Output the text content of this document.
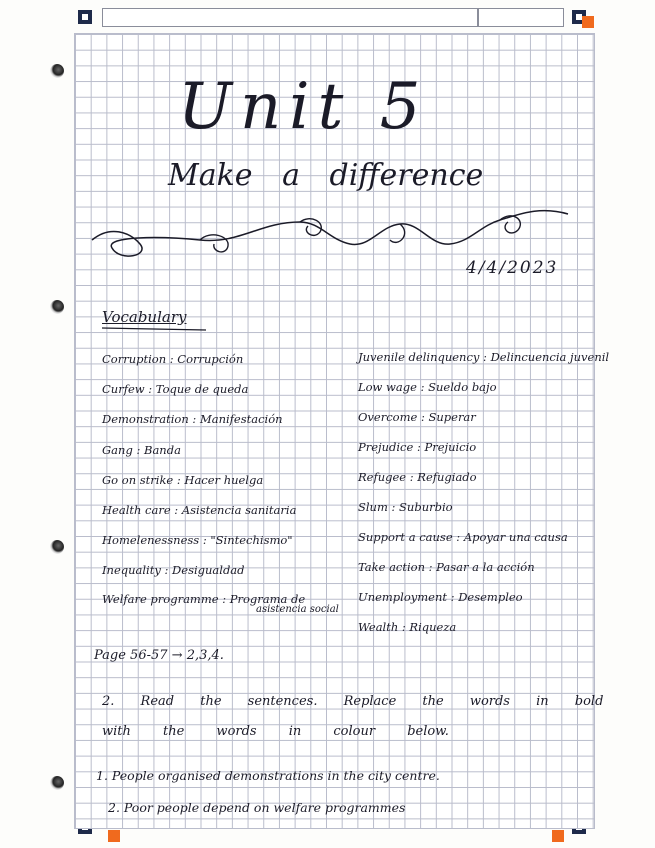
Unit 5
Make a difference
4/4/2023
Vocabulary
Corruption : Corrupción
Curfew : Toque de queda
Demonstration : Manifestación
Gang : Banda
Go on strike : Hacer huelga
Health care : Asistencia sanitaria
Homelenessness : "Sintechismo"
Inequality : Desigualdad
Welfare programme : Programa de
asistencia social
Juvenile delinquency : Delincuencia juvenil
Low wage : Sueldo bajo
Overcome : Superar
Prejudice : Prejuicio
Refugee : Refugiado
Slum : Suburbio
Support a cause : Apoyar una causa
Take action : Pasar a la acción
Unemployment : Desempleo
Wealth : Riqueza
Page 56-57 → 2,3,4.
2. Read the sentences. Replace the words in bold
with the words in colour below.
1. People organised demonstrations in the city centre.
2. Poor people depend on welfare programmes
